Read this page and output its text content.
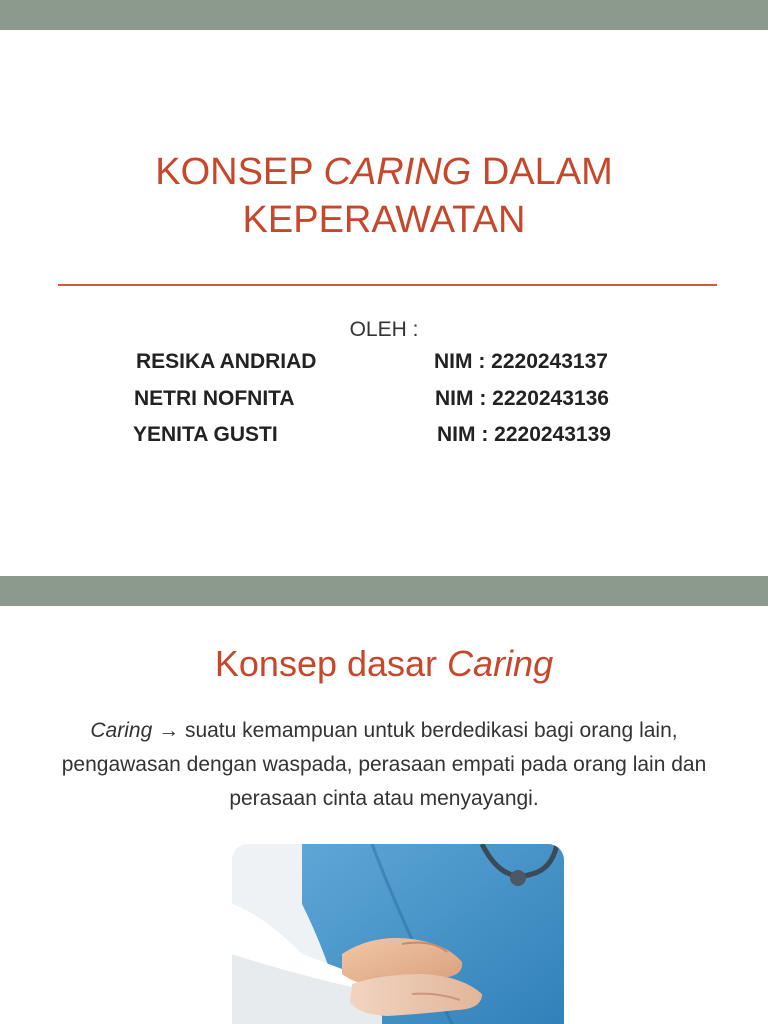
KONSEP CARING DALAM
KEPERAWATAN
OLEH :
RESIKA ANDRIAD	NIM : 2220243137
NETRI NOFNITA	NIM : 2220243136
YENITA GUSTI	NIM : 2220243139
Konsep dasar Caring
Caring → suatu kemampuan untuk berdedikasi bagi orang lain, pengawasan dengan waspada, perasaan empati pada orang lain dan perasaan cinta atau menyayangi.
